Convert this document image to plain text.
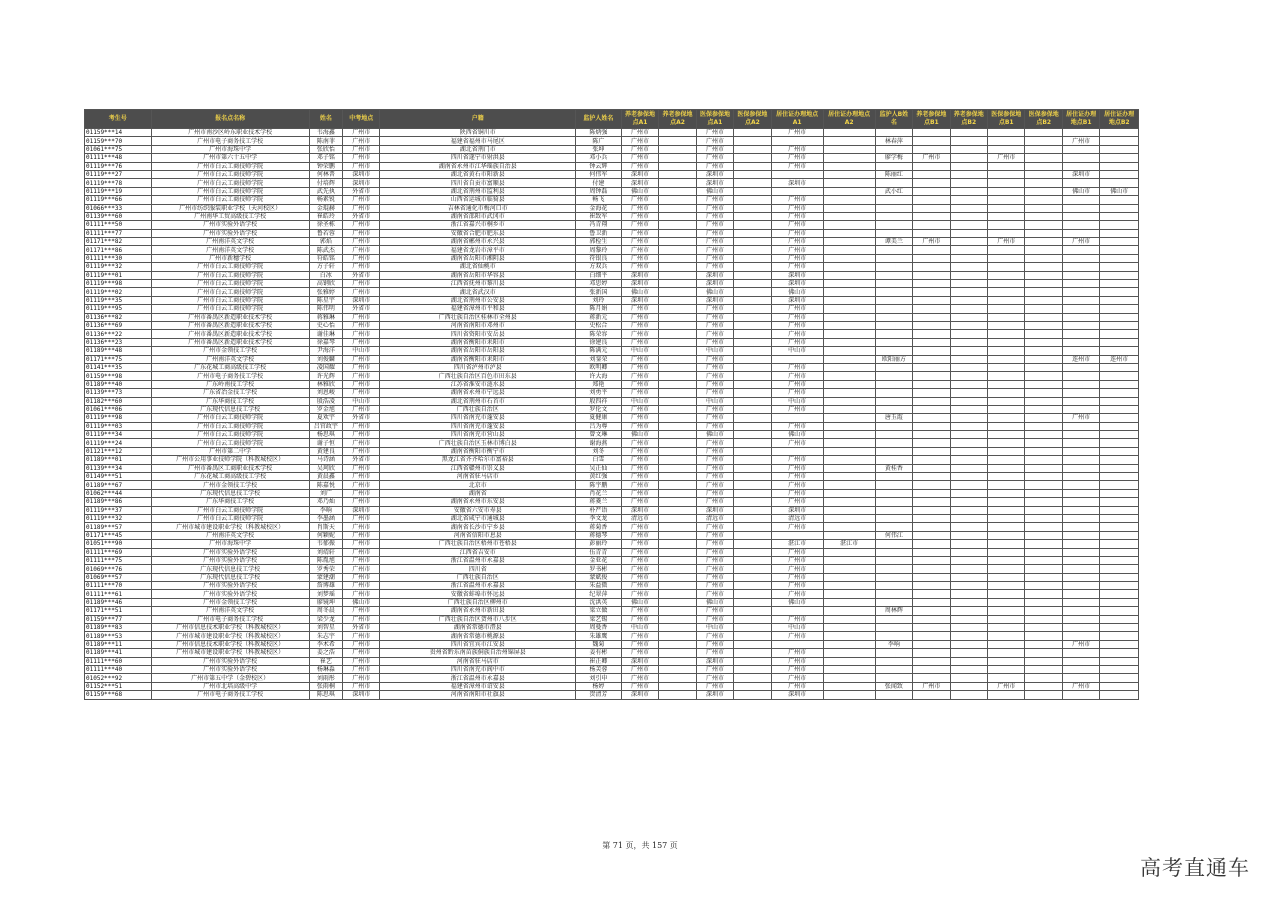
考生号	报名点名称	姓名	中考地点	户籍	监护人姓名	养老参保地点A1	养老参保地点A2	医保参保地点A1	医保参保地点A2	居住证办理地点A1	居住证办理地点A2	监护人B姓名	养老参保地点B1	养老参保地点B2	医保参保地点B1	医保参保地点B2	居住证办理地点B1	居住证办理地点B2
01159***14	广州市南沙区岭东职业技术学校	韦海鑫	广州市	陕西省铜川市	陈炳强	广州市		广州市		广州市								
01159***70	广州市电子商务技工学校	陈南菲	广州市	福建省福州市马尾区	陈广	广州市		广州市				林春萍					广州市	
01061***75	广州市海珠中学	张欣怡	广州市	湖北省荆门市	张坤	广州市		广州市		广州市								
01111***48	广州市第六十五中学	邓子铭	广州市	四川省遂宁市射洪县	邓小兵	广州市		广州市		广州市		廖学梅	广州市		广州市			
01119***76	广州市白云工商技师学院	钟荣鹏	广州市	湖南省永州市江华瑶族自治县	钟云辉	广州市		广州市		广州市								
01119***27	广州市白云工商技师学院	何林普	深圳市	湖北省黄石市阳新县	何伟军	深圳市		深圳市				陈丽红					深圳市	
01119***78	广州市白云工商技师学院	付培辉	深圳市	四川省自贡市富顺县	付建	深圳市		深圳市		深圳市								
01119***19	广州市白云工商技师学院	武先执	外省市	湖北省荆州市监利县	周钟磊	佛山市		佛山市				武小红					佛山市	佛山市
01119***66	广州市白云工商技师学院	畅素锐	广州市	山西省运城市临猗县	畅飞	广州市		广州市		广州市								
01066***33	广州市纺织服装职业学校（天河校区）	金琨赫	广州市	吉林省通化市梅河口市	金海花	广州市		广州市		广州市								
01139***60	广州南华工贸高级技工学校	崔皓玲	外省市	湖南省邵阳市武冈市	崔致军	广州市		广州市		广州市								
01111***50	广州市实验外语学校	徐圣栋	广州市	浙江省嘉兴市桐乡市	冯青翔	广州市		广州市		广州市								
01111***77	广州市实验外语学校	鲁若蓉	广州市	安徽省合肥市肥东县	鲁卫新	广州市		广州市		广州市								
01171***82	广州南洋英文学校	郭焰	广州市	湖南省郴州市永兴县	郭检生	广州市		广州市		广州市		谭美兰	广州市		广州市		广州市	
01171***86	广州南洋英文学校	陈武杰	广州市	福建省龙岩市漳平市	周黎玲	广州市		广州市		广州市								
01111***30	广州市新穗学校	符皓铭	广州市	湖南省岳阳市湘阴县	符银良	广州市		广州市		广州市								
01119***32	广州市白云工商技师学院	方子轩	广州市	湖北省仙桃市	方双兵	广州市		广州市		广州市								
01119***01	广州市白云工商技师学院	白冰	外省市	湖南省岳阳市华容县	白细平	深圳市		深圳市		深圳市								
01119***98	广州市白云工商技师学院	高钢欣	广州市	江西省抚州市黎川县	邓思婷	深圳市		深圳市		深圳市								
01119***02	广州市白云工商技师学院	张雅婷	广州市	湖北省武汉市	张新国	佛山市		佛山市		佛山市								
01119***35	广州市白云工商技师学院	陈星宇	深圳市	湖北省荆州市公安县	刘玲	深圳市		深圳市		深圳市								
01119***95	广州市白云工商技师学院	陈伟明	外省市	福建省漳州市平和县	陈月娟	广州市		广州市		广州市								
01136***82	广州市番禺区新造职业技术学校	蒋雅琳	广州市	广西壮族自治区桂林市全州县	蒋新元	广州市		广州市		广州市								
01136***69	广州市番禺区新造职业技术学校	史心怡	广州市	河南省南阳市邓州市	史松合	广州市		广州市		广州市								
01136***22	广州市番禺区新造职业技术学校	谢佳琳	广州市	四川省资阳市安岳县	陈荣容	广州市		广州市		广州市								
01136***23	广州市番禺区新造职业技术学校	徐嘉琴	广州市	湖南省衡阳市耒阳市	徐建良	广州市		广州市		广州市								
01189***48	广州市金领技工学校	尹海洋	中山市	湖南省岳阳市岳阳县	陈满元	中山市		中山市		中山市								
01171***75	广州南洋英文学校	刘俊麟	广州市	湖南省衡阳市耒阳市	刘銮荣	广州市		广州市				欧阳丽方					连州市	连州市
01141***35	广东花城工商高级技工学校	凌国耀	广州市	四川省泸州市泸县	欧明卿	广州市		广州市		广州市								
01159***98	广州市电子商务技工学校	许光辉	广州市	广西壮族自治区百色市田东县	许大海	广州市		广州市		广州市								
01189***40	广东岭南技工学校	林雅欣	广州市	江苏省淮安市涟水县	郑艳	广州市		广州市		广州市								
01139***73	广东省冶金技工学校	刘恩峻	广州市	湖南省永州市宁远县	刘勇平	广州市		广州市		广州市								
01182***60	广东华商技工学校	殷浩凌	中山市	湖北省荆州市石首市	殷四祥	中山市		中山市		中山市								
01061***06	广东现代信息技工学校	罗金旭	广州市	广西壮族自治区	罗伦文	广州市		广州市		广州市								
01119***98	广州市白云工商技师学院	夏欢宇	外省市	四川省南充市蓬安县	夏健康	广州市		广州市				唐玉霞					广州市	
01119***03	广州市白云工商技师学院	吕官政宇	广州市	四川省南充市蓬安县	吕为尊	广州市		广州市		广州市								
01119***34	广州市白云工商技师学院	杨思琪	广州市	四川省南充市营山县	曾文琳	佛山市		佛山市		佛山市								
01119***24	广州市白云工商技师学院	谢子恒	广州市	广西壮族自治区玉林市博白县	谢海燕	广州市		广州市		广州市								
01121***12	广州市第二中学	黄建良	广州市	湖南省衡阳市衡宁市	刘冬	广州市		广州市										
01189***01	广州市公用事业技师学院（科教城校区）	马诗涵	外省市	黑龙江省齐齐哈尔市富裕县	白雪	广州市		广州市		广州市								
01139***34	广州市番禺区工商职业技术学校	吴珂欣	广州市	江西省赣州市崇义县	吴正仙	广州市		广州市		广州市		黄桂香						
01149***51	广东花城工商高级技工学校	黄晨鑫	广州市	河南省驻马店市	黄红强	广州市		广州市		广州市								
01189***67	广州市金领技工学校	陈嘉悦	广州市	北京市	陈宇鹏	广州市		广州市		广州市								
01062***44	广东现代信息技工学校	刘广	广州市	湖南省	肖花兰	广州市		广州市		广州市								
01189***86	广东华商技工学校	邓乃灿	广州市	湖南省永州市东安县	蒋菱兰	广州市		广州市		广州市								
01119***37	广州市白云工商技师学院	李晌	深圳市	安徽省六安市寿县	朴严语	深圳市		深圳市		深圳市								
01119***32	广州市白云工商技师学院	李墨涵	广州市	湖北省咸宁市通城县	李文龙	清远市		清远市		清远市								
01189***57	广州市城市建设职业学校（科教城校区）	肖斯天	广州市	湖南省长沙市宁乡县	蒋菊香	广州市		广州市		广州市								
01171***45	广州南洋英文学校	何颖妮	广州市	河南省信阳市息县	蒋德琴	广州市		广州市				何伟江						
01051***90	广州市海珠中学	韦郁振	广州市	广西壮族自治区梧州市苍梧县	彭丽玲	广州市		广州市		湛江市	湛江市							
01111***69	广州市实验外语学校	刘靖轩	广州市	江西省吉安市	伍青青	广州市		广州市		广州市								
01111***75	广州市实验外语学校	陈胤旭	广州市	浙江省温州市永嘉县	金亚花	广州市		广州市		广州市								
01069***76	广东现代信息技工学校	罗秀荣	广州市	四川省	罗书彬	广州市		广州市		广州市								
01069***57	广东现代信息技工学校	蒙建潮	广州市	广西壮族自治区	蒙斌俊	广州市		广州市		广州市								
01111***70	广州市实验外语学校	詹博雄	广州市	浙江省温州市永嘉县	朱益微	广州市		广州市		广州市								
01111***61	广州市实验外语学校	刘梦瑶	广州市	安徽省蚌埠市怀远县	纪翠萍	广州市		广州市		广州市								
01189***46	广州市金领技工学校	廖镜坤	佛山市	广西壮族自治区柳州市	沈洪英	佛山市		佛山市		佛山市								
01171***51	广州南洋英文学校	周冬晨	广州市	湖南省永州市新田县	梁立做	广州市		广州市				周林辉						
01159***77	广州市电子商务技工学校	梁少龙	广州市	广西壮族自治区贺州市八步区	梁艺锡	广州市		广州市		广州市								
01189***83	广州市信息技术职业学校（科教城校区）	刘智星	外省市	湖南省常德市澧县	周曼香	中山市		中山市		中山市								
01189***53	广州市城市建设职业学校（科教城校区）	朱志宇	广州市	湖南省常德市桃源县	朱雄鹰	广州市		广州市		广州市								
01189***11	广州市信息技术职业学校（科教城校区）	李术希	广州市	四川省宜宾市江安县	魏菊	广州市		广州市				李响					广州市	
01189***41	广州市城市建设职业学校（科教城校区）	姜之浩	广州市	贵州省黔东南苗族侗族自治州锦屏县	姜有彬	广州市		广州市		广州市								
01111***60	广州市实验外语学校	崔艺	广州市	河南省驻马店市	崔正卿	深圳市		深圳市		广州市								
01111***40	广州市实验外语学校	杨琳淼	广州市	四川省南充市阆中市	杨芙蓉	广州市		广州市		广州市								
01052***92	广州市第五中学（金碧校区）	刘雨彤	广州市	浙江省温州市永嘉县	刘引申	广州市		广州市		广州市								
01152***51	广州市北培高级中学	张雨桐	广州市	福建省漳州市诏安县	杨婷	广州市		广州市		广州市		张闻致	广州市		广州市		广州市	
01159***68	广州市电子商务技工学校	陈思琪	深圳市	河南省南阳市社旗县	贺清芳	深圳市		深圳市		深圳市								
第 71 页，共 157 页
高考直通车
